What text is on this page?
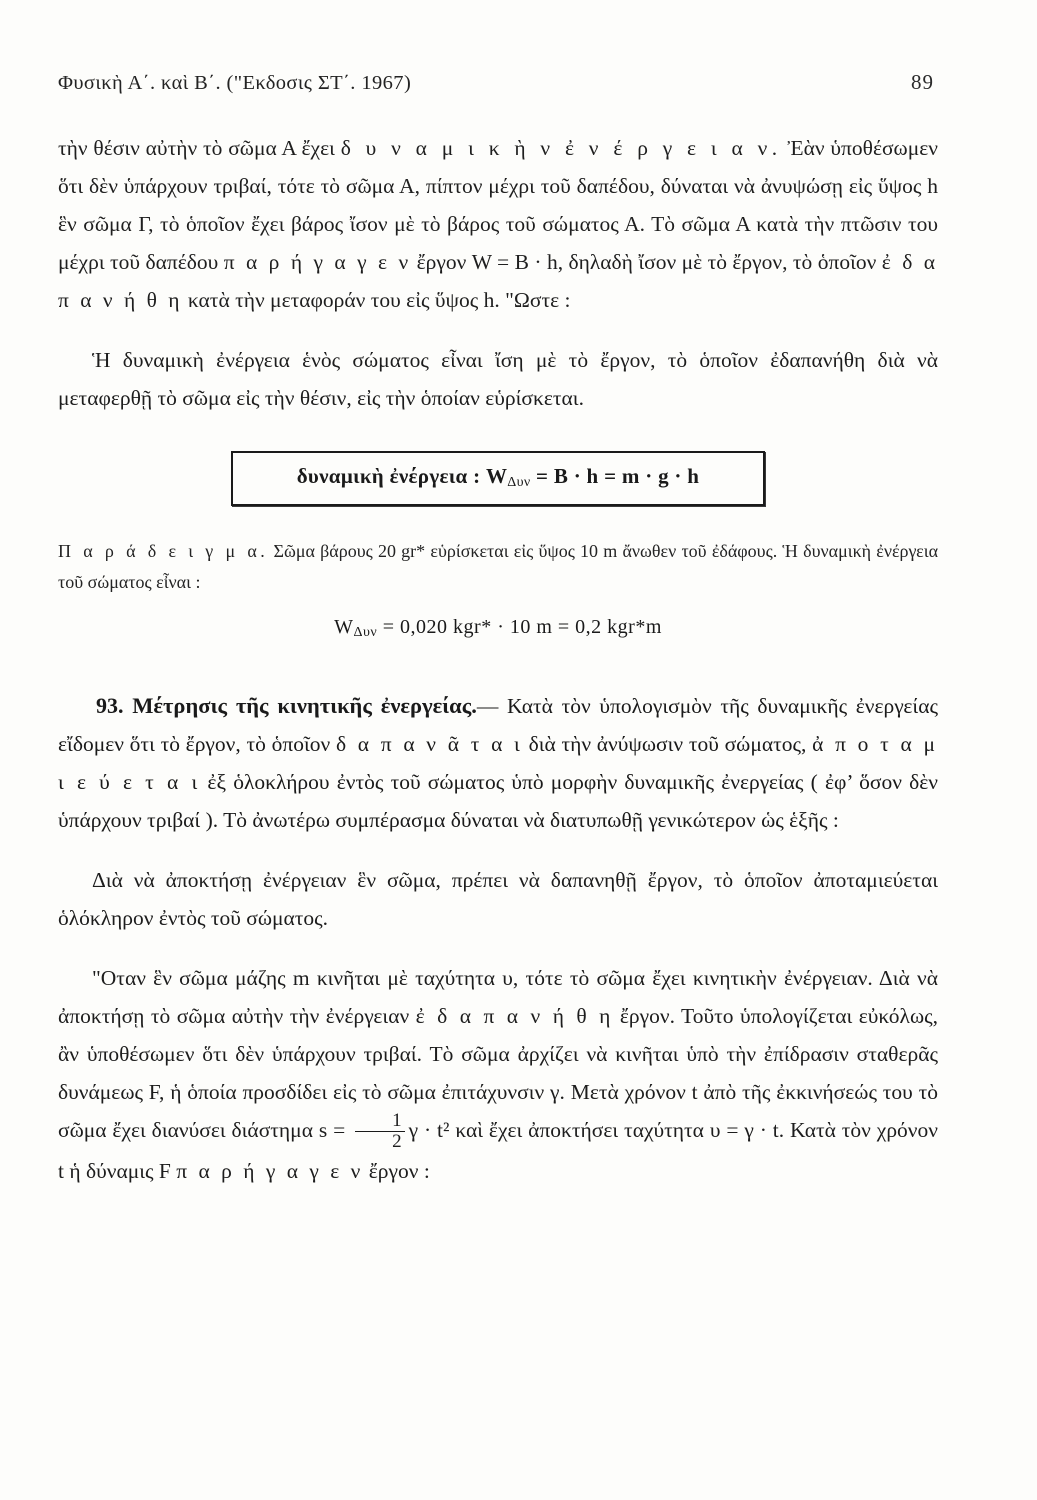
Φυσικὴ Α΄. καὶ Β΄. ("Εκδοσις ΣΤ΄. 1967)	89

τὴν θέσιν αὐτὴν τὸ σῶμα Α ἔχει δ υ ν α μ ι κ ὴ ν ἐ ν έ ρ γ ε ι α ν. Ἐὰν ὑποθέσωμεν ὅτι δὲν ὑπάρχουν τριβαί, τότε τὸ σῶμα Α, πίπτον μέχρι τοῦ δαπέδου, δύναται νὰ ἀνυψώσῃ εἰς ὕψος h ἓν σῶμα Γ, τὸ ὁποῖον ἔχει βάρος ἴσον μὲ τὸ βάρος τοῦ σώματος Α. Τὸ σῶμα Α κατὰ τὴν πτῶσιν του μέχρι τοῦ δαπέδου π α ρ ή γ α γ ε ν ἔργον W = Β · h, δηλαδὴ ἴσον μὲ τὸ ἔργον, τὸ ὁποῖον ἐ δ α π α ν ή θ η κατὰ τὴν μεταφοράν του εἰς ὕψος h. "Ωστε :

Ἡ δυναμικὴ ἐνέργεια ἑνὸς σώματος εἶναι ἴση μὲ τὸ ἔργον, τὸ ὁποῖον ἐδαπανήθη διὰ νὰ μεταφερθῇ τὸ σῶμα εἰς τὴν θέσιν, εἰς τὴν ὁποίαν εὑρίσκεται.

δυναμικὴ ἐνέργεια : $W_{\Delta\upsilon\nu} = B \cdot h = m \cdot g \cdot h$

Π α ρ ά δ ε ι γ μ α. Σῶμα βάρους 20 gr* εὑρίσκεται εἰς ὕψος 10 m ἄνωθεν τοῦ ἐδάφους. Ἡ δυναμικὴ ἐνέργεια τοῦ σώματος εἶναι :

$W_{\Delta\upsilon\nu} = 0,020$ kgr* · 10 m = 0,2 kgr*m

93. Μέτρησις τῆς κινητικῆς ἐνεργείας.— Κατὰ τὸν ὑπολογισμὸν τῆς δυναμικῆς ἐνεργείας εἴδομεν ὅτι τὸ ἔργον, τὸ ὁποῖον δ α π α ν ᾶ τ α ι διὰ τὴν ἀνύψωσιν τοῦ σώματος, ἀ π ο τ α μ ι ε ύ ε τ α ι ἐξ ὁλοκλήρου ἐντὸς τοῦ σώματος ὑπὸ μορφὴν δυναμικῆς ἐνεργείας ( ἐφ’ ὅσον δὲν ὑπάρχουν τριβαί ). Τὸ ἀνωτέρω συμπέρασμα δύναται νὰ διατυπωθῇ γενικώτερον ὡς ἑξῆς :

Διὰ νὰ ἀποκτήσῃ ἐνέργειαν ἓν σῶμα, πρέπει νὰ δαπανηθῇ ἔργον, τὸ ὁποῖον ἀποταμιεύεται ὁλόκληρον ἐντὸς τοῦ σώματος.

"Οταν ἓν σῶμα μάζης m κινῆται μὲ ταχύτητα υ, τότε τὸ σῶμα ἔχει κινητικὴν ἐνέργειαν. Διὰ νὰ ἀποκτήσῃ τὸ σῶμα αὐτὴν τὴν ἐνέργειαν ἐ δ α π α ν ή θ η ἔργον. Τοῦτο ὑπολογίζεται εὐκόλως, ἂν ὑποθέσωμεν ὅτι δὲν ὑπάρχουν τριβαί. Τὸ σῶμα ἀρχίζει νὰ κινῆται ὑπὸ τὴν ἐπίδρασιν σταθερᾶς δυνάμεως F, ἡ ὁποία προσδίδει εἰς τὸ σῶμα ἐπιτάχυνσιν γ. Μετὰ χρόνον t ἀπὸ τῆς ἐκκινήσεώς του τὸ σῶμα ἔχει διανύσει διάστημα $s = \frac{1}{2}$ γ · t² καὶ ἔχει ἀποκτήσει ταχύτητα υ = γ · t. Κατὰ τὸν χρόνον t ἡ δύναμις F π α ρ ή γ α γ ε ν ἔργον :
